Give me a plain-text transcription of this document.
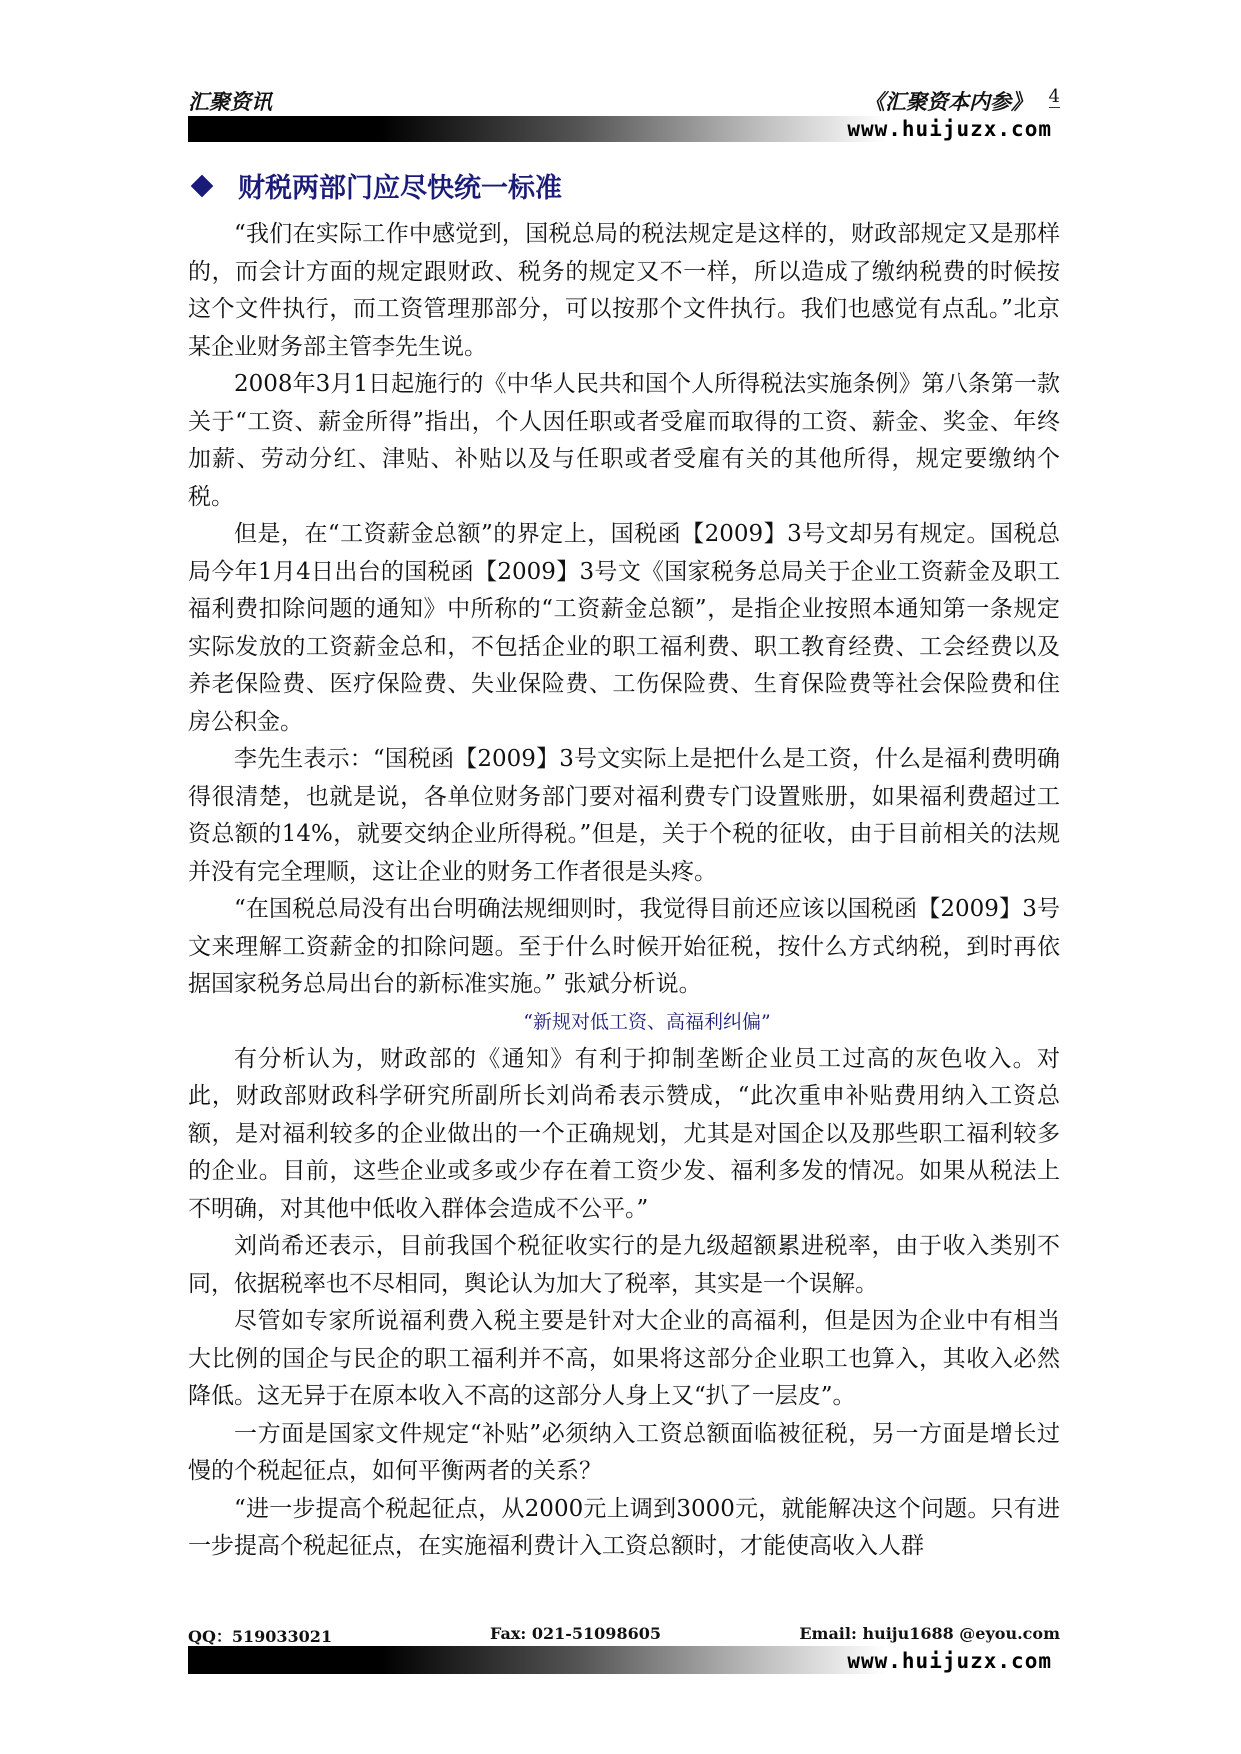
汇聚资讯	《汇聚资本内参》 4
www.huijuzx.com
财税两部门应尽快统一标准

“我们在实际工作中感觉到，国税总局的税法规定是这样的，财政部规定又是那样的，而会计方面的规定跟财政、税务的规定又不一样，所以造成了缴纳税费的时候按这个文件执行，而工资管理那部分，可以按那个文件执行。我们也感觉有点乱。”北京某企业财务部主管李先生说。

2008年3月1日起施行的《中华人民共和国个人所得税法实施条例》第八条第一款关于“工资、薪金所得”指出，个人因任职或者受雇而取得的工资、薪金、奖金、年终加薪、劳动分红、津贴、补贴以及与任职或者受雇有关的其他所得，规定要缴纳个税。

但是，在“工资薪金总额”的界定上，国税函【2009】3号文却另有规定。国税总局今年1月4日出台的国税函【2009】3号文《国家税务总局关于企业工资薪金及职工福利费扣除问题的通知》中所称的“工资薪金总额”，是指企业按照本通知第一条规定实际发放的工资薪金总和，不包括企业的职工福利费、职工教育经费、工会经费以及养老保险费、医疗保险费、失业保险费、工伤保险费、生育保险费等社会保险费和住房公积金。

李先生表示：“国税函【2009】3号文实际上是把什么是工资，什么是福利费明确得很清楚，也就是说，各单位财务部门要对福利费专门设置账册，如果福利费超过工资总额的14%，就要交纳企业所得税。”但是，关于个税的征收，由于目前相关的法规并没有完全理顺，这让企业的财务工作者很是头疼。

“在国税总局没有出台明确法规细则时，我觉得目前还应该以国税函【2009】3号文来理解工资薪金的扣除问题。至于什么时候开始征税，按什么方式纳税，到时再依据国家税务总局出台的新标准实施。” 张斌分析说。

“新规对低工资、高福利纠偏”

有分析认为，财政部的《通知》有利于抑制垄断企业员工过高的灰色收入。对此，财政部财政科学研究所副所长刘尚希表示赞成，“此次重申补贴费用纳入工资总额，是对福利较多的企业做出的一个正确规划，尤其是对国企以及那些职工福利较多的企业。目前，这些企业或多或少存在着工资少发、福利多发的情况。如果从税法上不明确，对其他中低收入群体会造成不公平。”

刘尚希还表示，目前我国个税征收实行的是九级超额累进税率，由于收入类别不同，依据税率也不尽相同，舆论认为加大了税率，其实是一个误解。

尽管如专家所说福利费入税主要是针对大企业的高福利，但是因为企业中有相当大比例的国企与民企的职工福利并不高，如果将这部分企业职工也算入，其收入必然降低。这无异于在原本收入不高的这部分人身上又“扒了一层皮”。

一方面是国家文件规定“补贴”必须纳入工资总额面临被征税，另一方面是增长过慢的个税起征点，如何平衡两者的关系？

“进一步提高个税起征点，从2000元上调到3000元，就能解决这个问题。只有进一步提高个税起征点，在实施福利费计入工资总额时，才能使高收入人群

QQ：519033021	Fax: 021-51098605	Email: huiju1688 @eyou.com
www.huijuzx.com
